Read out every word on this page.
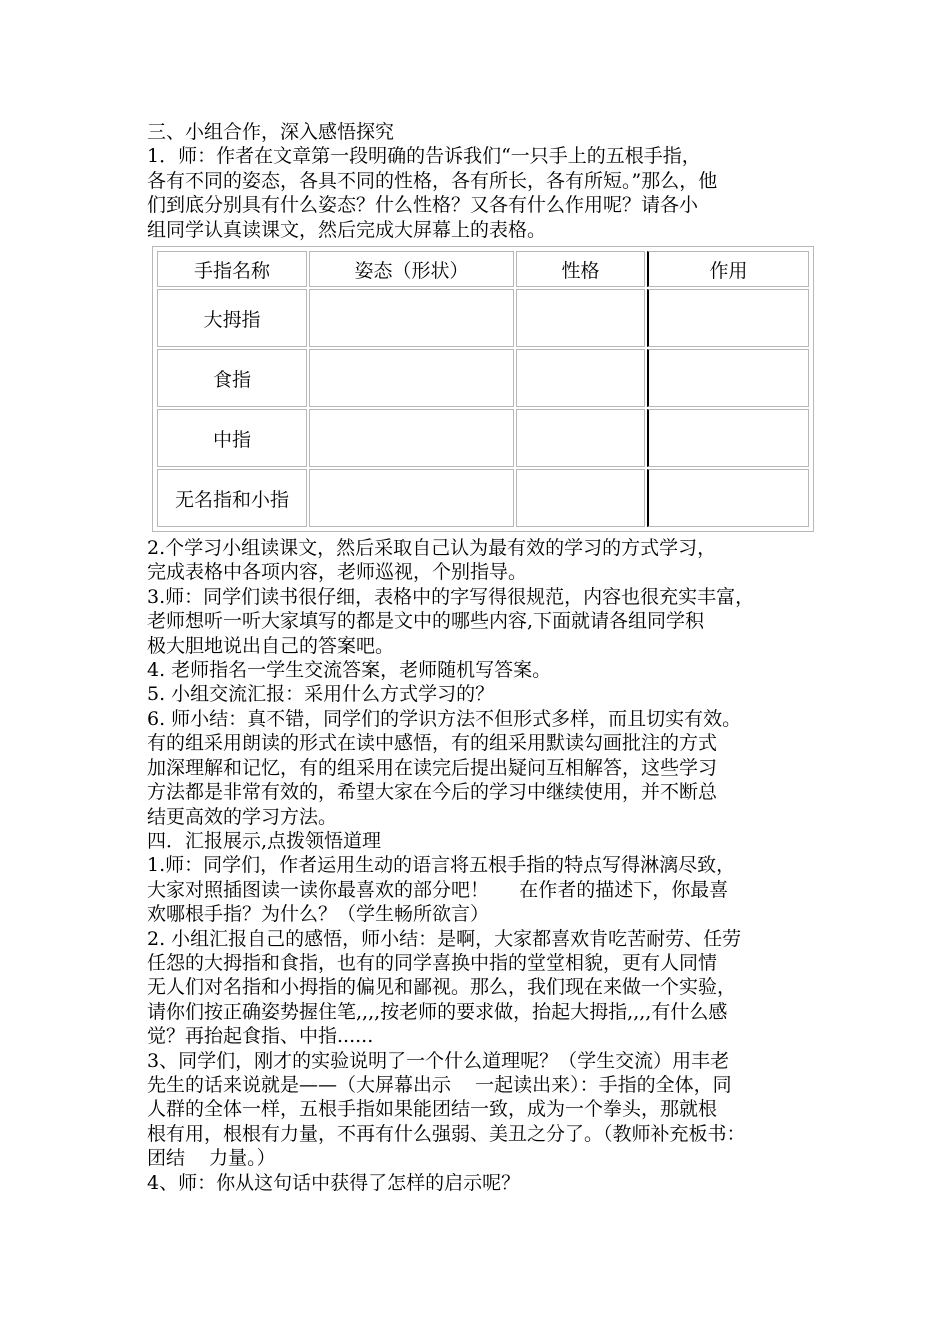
三、小组合作，深入感悟探究

1．师：作者在文章第一段明确的告诉我们“一只手上的五根手指，

各有不同的姿态，各具不同的性格，各有所长，各有所短。”那么，他

们到底分别具有什么姿态？什么性格？又各有什么作用呢？请各小

组同学认真读课文，然后完成大屏幕上的表格。

手指名称	姿态（形状）	性格	作用
大拇指			
食指			
中指			
无名指和小指			

2.个学习小组读课文，然后采取自己认为最有效的学习的方式学习，

完成表格中各项内容，老师巡视，个别指导。

3.师：同学们读书很仔细，表格中的字写得很规范，内容也很充实丰富，

老师想听一听大家填写的都是文中的哪些内容,下面就请各组同学积

极大胆地说出自己的答案吧。

4. 老师指名一学生交流答案，老师随机写答案。

5. 小组交流汇报：采用什么方式学习的？

6. 师小结：真不错，同学们的学识方法不但形式多样，而且切实有效。

有的组采用朗读的形式在读中感悟，有的组采用默读勾画批注的方式

加深理解和记忆，有的组采用在读完后提出疑问互相解答，这些学习

方法都是非常有效的，希望大家在今后的学习中继续使用，并不断总

结更高效的学习方法。

四．汇报展示,点拨领悟道理

1.师：同学们，作者运用生动的语言将五根手指的特点写得淋漓尽致，

大家对照插图读一读你最喜欢的部分吧！     在作者的描述下，你最喜

欢哪根手指？为什么？（学生畅所欲言）

2. 小组汇报自己的感悟，师小结：是啊，大家都喜欢肯吃苦耐劳、任劳

任怨的大拇指和食指，也有的同学喜换中指的堂堂相貌，更有人同情

无人们对名指和小拇指的偏见和鄙视。那么，我们现在来做一个实验，

请你们按正确姿势握住笔,,,,按老师的要求做，抬起大拇指,,,,有什么感

觉？再抬起食指、中指......

3、同学们，刚才的实验说明了一个什么道理呢？（学生交流）用丰老

先生的话来说就是——（大屏幕出示    一起读出来）：手指的全体，同

人群的全体一样，五根手指如果能团结一致，成为一个拳头，那就根

根有用，根根有力量，不再有什么强弱、美丑之分了。（教师补充板书：

团结    力量。）

4、师：你从这句话中获得了怎样的启示呢？
